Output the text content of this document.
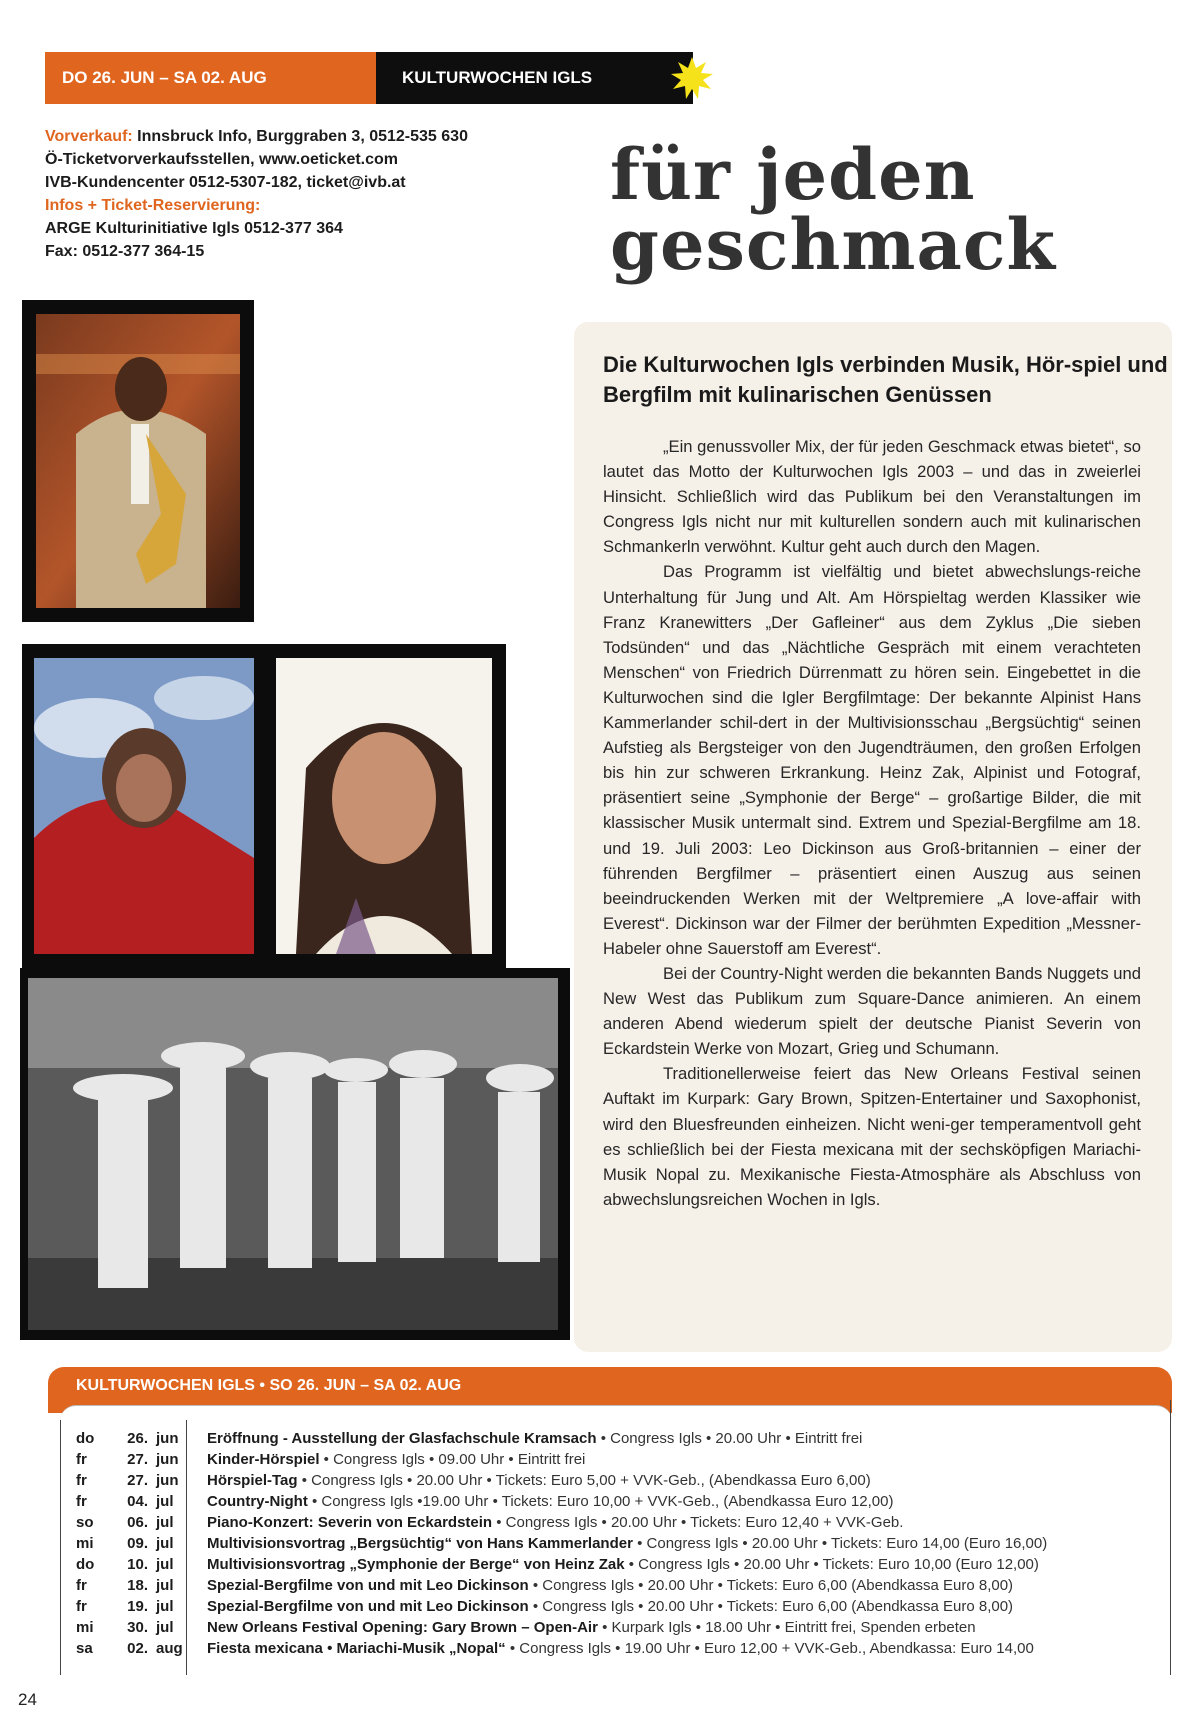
DO 26. JUN – SA 02. AUG	KULTURWOCHEN IGLS
Vorverkauf: Innsbruck Info, Burggraben 3, 0512-535 630
Ö-Ticketvorverkaufsstellen, www.oeticket.com
IVB-Kundencenter 0512-5307-182, ticket@ivb.at
Infos + Ticket-Reservierung:
ARGE Kulturinitiative Igls 0512-377 364
Fax: 0512-377 364-15
für jeden
geschmack
Die Kulturwochen Igls verbinden Musik, Hör-spiel und Bergfilm mit kulinarischen Genüssen

„Ein genussvoller Mix, der für jeden Geschmack etwas bietet“, so lautet das Motto der Kulturwochen Igls 2003 – und das in zweierlei Hinsicht. Schließlich wird das Publikum bei den Veranstaltungen im Congress Igls nicht nur mit kulturellen sondern auch mit kulinarischen Schmankerln verwöhnt. Kultur geht auch durch den Magen.

Das Programm ist vielfältig und bietet abwechslungs-reiche Unterhaltung für Jung und Alt. Am Hörspieltag werden Klassiker wie Franz Kranewitters „Der Gafleiner“ aus dem Zyklus „Die sieben Todsünden“ und das „Nächtliche Gespräch mit einem verachteten Menschen“ von Friedrich Dürrenmatt zu hören sein. Eingebettet in die Kulturwochen sind die Igler Bergfilmtage: Der bekannte Alpinist Hans Kammerlander schil-dert in der Multivisionsschau „Bergsüchtig“ seinen Aufstieg als Bergsteiger von den Jugendträumen, den großen Erfolgen bis hin zur schweren Erkrankung. Heinz Zak, Alpinist und Fotograf, präsentiert seine „Symphonie der Berge“ – großartige Bilder, die mit klassischer Musik untermalt sind. Extrem und Spezial-Bergfilme am 18. und 19. Juli 2003: Leo Dickinson aus Groß-britannien – einer der führenden Bergfilmer – präsentiert einen Auszug aus seinen beeindruckenden Werken mit der Weltpremiere „A love-affair with Everest“. Dickinson war der Filmer der berühmten Expedition „Messner-Habeler ohne Sauerstoff am Everest“.

Bei der Country-Night werden die bekannten Bands Nuggets und New West das Publikum zum Square-Dance animieren. An einem anderen Abend wiederum spielt der deutsche Pianist Severin von Eckardstein Werke von Mozart, Grieg und Schumann.

Traditionellerweise feiert das New Orleans Festival seinen Auftakt im Kurpark: Gary Brown, Spitzen-Entertainer und Saxophonist, wird den Bluesfreunden einheizen. Nicht weni-ger temperamentvoll geht es schließlich bei der Fiesta mexicana mit der sechsköpfigen Mariachi-Musik Nopal zu. Mexikanische Fiesta-Atmosphäre als Abschluss von abwechslungsreichen Wochen in Igls.

KULTURWOCHEN IGLS • SO 26. JUN – SA 02. AUG
do	26. jun	Eröffnung - Ausstellung der Glasfachschule Kramsach • Congress Igls • 20.00 Uhr • Eintritt frei
fr	27. jun	Kinder-Hörspiel • Congress Igls • 09.00 Uhr • Eintritt frei
fr	27. jun	Hörspiel-Tag • Congress Igls • 20.00 Uhr • Tickets: Euro 5,00 + VVK-Geb., (Abendkassa Euro 6,00)
fr	04. jul	Country-Night • Congress Igls •19.00 Uhr • Tickets: Euro 10,00 + VVK-Geb., (Abendkassa Euro 12,00)
so	06. jul	Piano-Konzert: Severin von Eckardstein • Congress Igls • 20.00 Uhr • Tickets: Euro 12,40 + VVK-Geb.
mi	09. jul	Multivisionsvortrag „Bergsüchtig“ von Hans Kammerlander • Congress Igls • 20.00 Uhr • Tickets: Euro 14,00 (Euro 16,00)
do	10. jul	Multivisionsvortrag „Symphonie der Berge“ von Heinz Zak • Congress Igls • 20.00 Uhr • Tickets: Euro 10,00 (Euro 12,00)
fr	18. jul	Spezial-Bergfilme von und mit Leo Dickinson • Congress Igls • 20.00 Uhr • Tickets: Euro 6,00 (Abendkassa Euro 8,00)
fr	19. jul	Spezial-Bergfilme von und mit Leo Dickinson • Congress Igls • 20.00 Uhr • Tickets: Euro 6,00 (Abendkassa Euro 8,00)
mi	30. jul	New Orleans Festival Opening: Gary Brown – Open-Air • Kurpark Igls • 18.00 Uhr • Eintritt frei, Spenden erbeten
sa	02. aug	Fiesta mexicana • Mariachi-Musik „Nopal“ • Congress Igls • 19.00 Uhr • Euro 12,00 + VVK-Geb., Abendkassa: Euro 14,00
24
